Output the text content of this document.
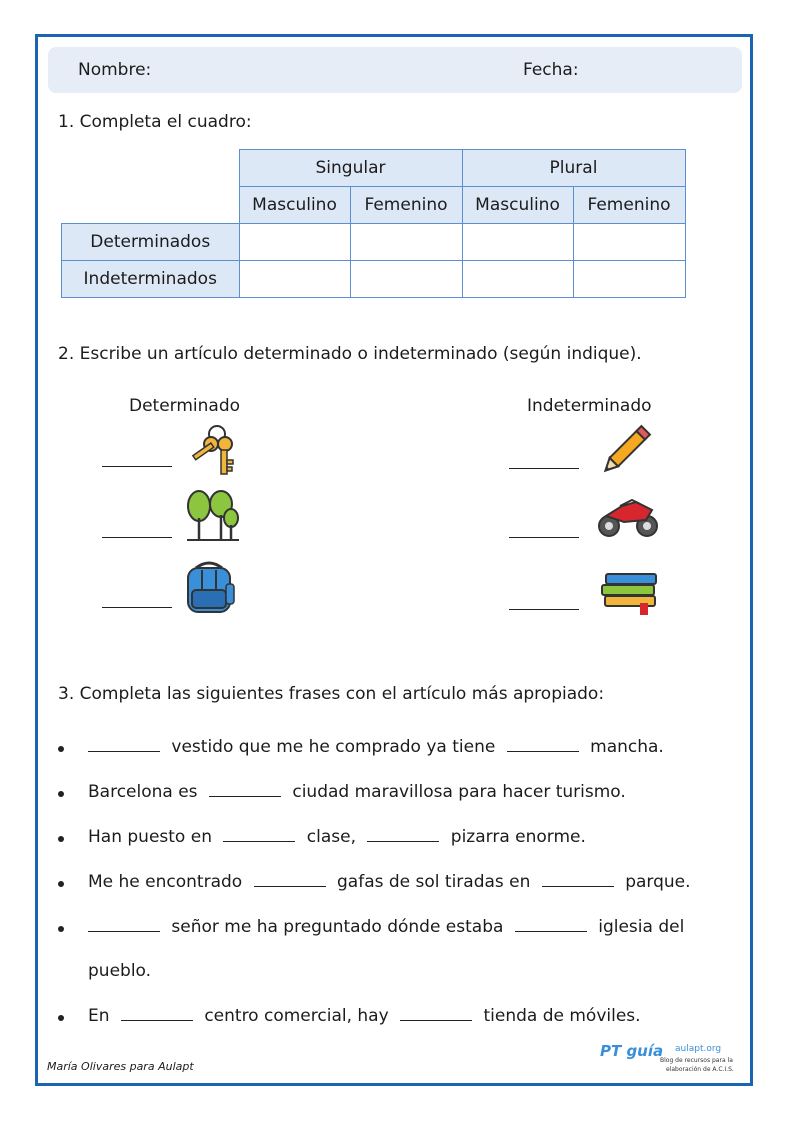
Nombre:	Fecha:
1. Completa el cuadro:
	Singular		Plural	
	Masculino	Femenino	Masculino	Femenino
Determinados				
Indeterminados				
2. Escribe un artículo determinado o indeterminado (según indique).
Determinado	Indeterminado
3. Completa las siguientes frases con el artículo más apropiado:
vestido que me he comprado ya tiene	mancha.
Barcelona es	ciudad maravillosa para hacer turismo.
Han puesto en	clase,	pizarra enorme.
Me he encontrado	gafas de sol tiradas en	parque.
señor me ha preguntado dónde estaba	iglesia del
pueblo.
En	centro comercial, hay	tienda de móviles.
María Olivares para Aulapt
PT guía aulapt.org
Blog de recursos para la
elaboración de A.C.I.S.
